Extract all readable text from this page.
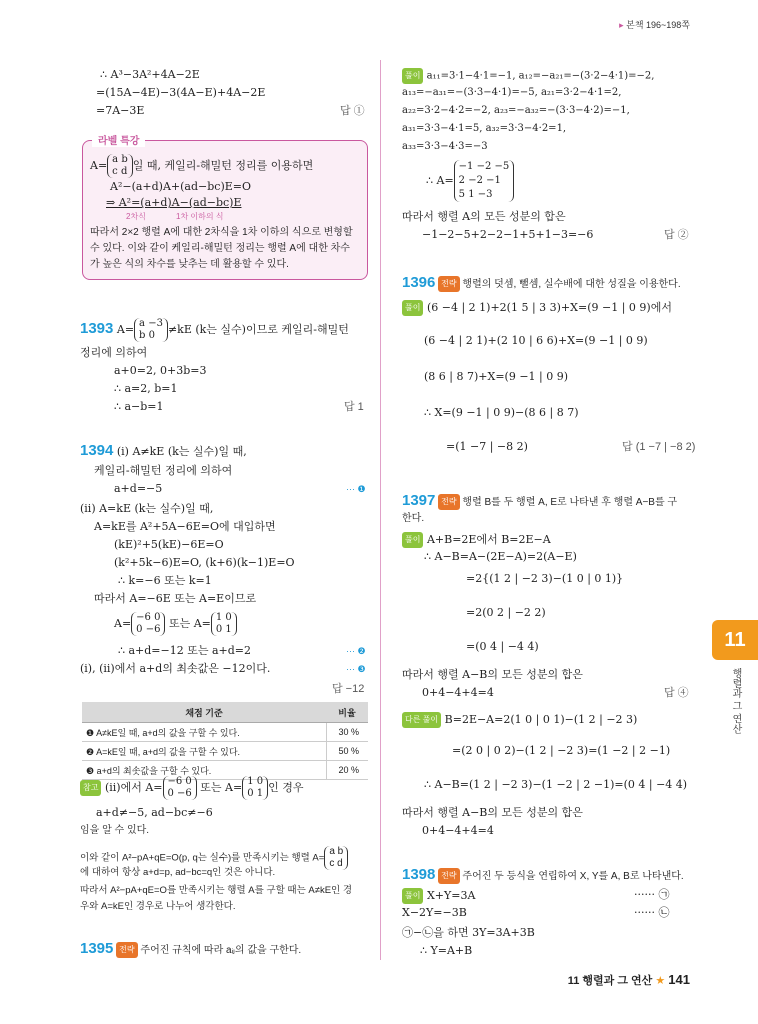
▸ 본책 196~198쪽
∴ A³−3A²+4A−2E
=(15A−4E)−3(4A−E)+4A−2E
=7A−3E	답 ①
라벨 특강
A= a b
c d 일 때, 케일리-해밀턴 정리를 이용하면
A²−(a+d)A+(ad−bc)E=O
⇒ A²=(a+d)A−(ad−bc)E
2차식	1차 이하의 식
따라서 2×2 행렬 A에 대한 2차식을 1차 이하의 식으로 변형할
수 있다. 이와 같이 케일리-해밀턴 정리는 행렬 A에 대한 차수
가 높은 식의 차수를 낮추는 데 활용할 수 있다.
1393 A= a −3
b 0 ≠kE (k는 실수)이므로 케일리-해밀턴
정리에 의하여
a+0=2, 0+3b=3
∴ a=2, b=1
∴ a−b=1	답 1
1394 (i) A≠kE (k는 실수)일 때,
케일리-해밀턴 정리에 의하여
a+d=−5	··· ❶
(ii) A=kE (k는 실수)일 때,
A=kE를 A²+5A−6E=O에 대입하면
(kE)²+5(kE)−6E=O
(k²+5k−6)E=O, (k+6)(k−1)E=O
∴ k=−6 또는 k=1
따라서 A=−6E 또는 A=E이므로
A= −6 0
0 −6 또는 A= 1 0
0 1
∴ a+d=−12 또는 a+d=2	··· ❷
(i), (ii)에서 a+d의 최솟값은 −12이다.	··· ❸
답 −12
채점 기준	비율
❶ A≠kE일 때, a+d의 값을 구할 수 있다.	30 %
❷ A=kE일 때, a+d의 값을 구할 수 있다.	50 %
❸ a+d의 최솟값을 구할 수 있다.	20 %
참고 (ii)에서 A= −6 0
0 −6 또는 A= 1 0
0 1 인 경우
a+d≠−5, ad−bc≠−6
임을 알 수 있다.
이와 같이 A²−pA+qE=O(p, q는 실수)를 만족시키는 행렬 A=a b
c d
에 대하여 항상 a+d=p, ad−bc=q인 것은 아니다.
따라서 A²−pA+qE=O를 만족시키는 행렬 A를 구할 때는 A≠kE인 경
우와 A=kE인 경우로 나누어 생각한다.
1395 전략 주어진 규칙에 따라 aᵢⱼ의 값을 구한다.
풀이 a₁₁=3·1−4·1=−1, a₁₂=−a₂₁=−(3·2−4·1)=−2,
a₁₃=−a₃₁=−(3·3−4·1)=−5, a₂₁=3·2−4·1=2,
a₂₂=3·2−4·2=−2, a₂₃=−a₃₂=−(3·3−4·2)=−1,
a₃₁=3·3−4·1=5, a₃₂=3·3−4·2=1,
a₃₃=3·3−4·3=−3
∴ A=−1 −2 −5
2 −2 −1
5 1 −3
따라서 행렬 A의 모든 성분의 합은
−1−2−5+2−2−1+5+1−3=−6	답 ②
1396 전략 행렬의 덧셈, 뺄셈, 실수배에 대한 성질을 이용한다.
풀이 (6 −4 | 2 1)+2(1 5 | 3 3)+X=(9 −1 | 0 9)에서
(6 −4 | 2 1)+(2 10 | 6 6)+X=(9 −1 | 0 9)
(8 6 | 8 7)+X=(9 −1 | 0 9)
∴ X=(9 −1 | 0 9)−(8 6 | 8 7)
=(1 −7 | −8 2)	답 (1 −7 | −8 2)
1397 전략 행렬 B를 두 행렬 A, E로 나타낸 후 행렬 A−B를 구
한다.
풀이 A+B=2E에서 B=2E−A
∴ A−B=A−(2E−A)=2(A−E)
=2{(1 2 | −2 3)−(1 0 | 0 1)}
=2(0 2 | −2 2)
=(0 4 | −4 4)
따라서 행렬 A−B의 모든 성분의 합은
0+4−4+4=4	답 ④
다른 풀이 B=2E−A=2(1 0 | 0 1)−(1 2 | −2 3)
=(2 0 | 0 2)−(1 2 | −2 3)=(1 −2 | 2 −1)
∴ A−B=(1 2 | −2 3)−(1 −2 | 2 −1)=(0 4 | −4 4)
따라서 행렬 A−B의 모든 성분의 합은
0+4−4+4=4
1398 전략 주어진 두 등식을 연립하여 X, Y를 A, B로 나타낸다.
풀이 X+Y=3A	······ ㉠
X−2Y=−3B	······ ㉡
㉠−㉡을 하면 3Y=3A+3B
∴ Y=A+B
11
행렬과 그 연산
11 행렬과 그 연산 ★ 141
